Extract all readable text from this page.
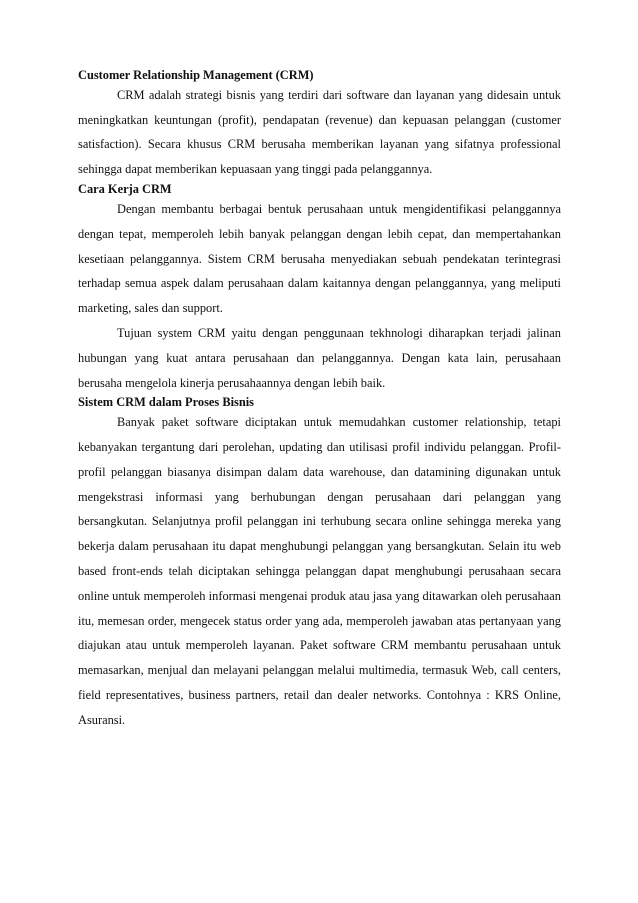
Customer Relationship Management (CRM)

CRM adalah strategi bisnis yang terdiri dari software dan layanan yang didesain untuk meningkatkan keuntungan (profit), pendapatan (revenue) dan kepuasan pelanggan (customer satisfaction). Secara khusus CRM berusaha memberikan layanan yang sifatnya professional sehingga dapat memberikan kepuasaan yang tinggi pada pelanggannya.

Cara Kerja CRM

Dengan membantu berbagai bentuk perusahaan untuk mengidentifikasi pelanggannya dengan tepat, memperoleh lebih banyak pelanggan dengan lebih cepat, dan mempertahankan kesetiaan pelanggannya. Sistem CRM berusaha menyediakan sebuah pendekatan terintegrasi terhadap semua aspek dalam perusahaan dalam kaitannya dengan pelanggannya, yang meliputi marketing, sales dan support.

Tujuan system CRM yaitu dengan penggunaan tekhnologi diharapkan terjadi jalinan hubungan yang kuat antara perusahaan dan pelanggannya. Dengan kata lain, perusahaan berusaha mengelola kinerja perusahaannya dengan lebih baik.

Sistem CRM dalam Proses Bisnis

Banyak paket software diciptakan untuk memudahkan customer relationship, tetapi kebanyakan tergantung dari perolehan, updating dan utilisasi profil individu pelanggan. Profil-profil pelanggan biasanya disimpan dalam data warehouse, dan datamining digunakan untuk mengekstrasi informasi yang berhubungan dengan perusahaan dari pelanggan yang bersangkutan. Selanjutnya profil pelanggan ini terhubung secara online sehingga mereka yang bekerja dalam perusahaan itu dapat menghubungi pelanggan yang bersangkutan. Selain itu web based front-ends telah diciptakan sehingga pelanggan dapat menghubungi perusahaan secara online untuk memperoleh informasi mengenai produk atau jasa yang ditawarkan oleh perusahaan itu, memesan order, mengecek status order yang ada, memperoleh jawaban atas pertanyaan yang diajukan atau untuk memperoleh layanan. Paket software CRM membantu perusahaan untuk memasarkan, menjual dan melayani pelanggan melalui multimedia, termasuk Web, call centers, field representatives, business partners, retail dan dealer networks. Contohnya : KRS Online, Asuransi.
